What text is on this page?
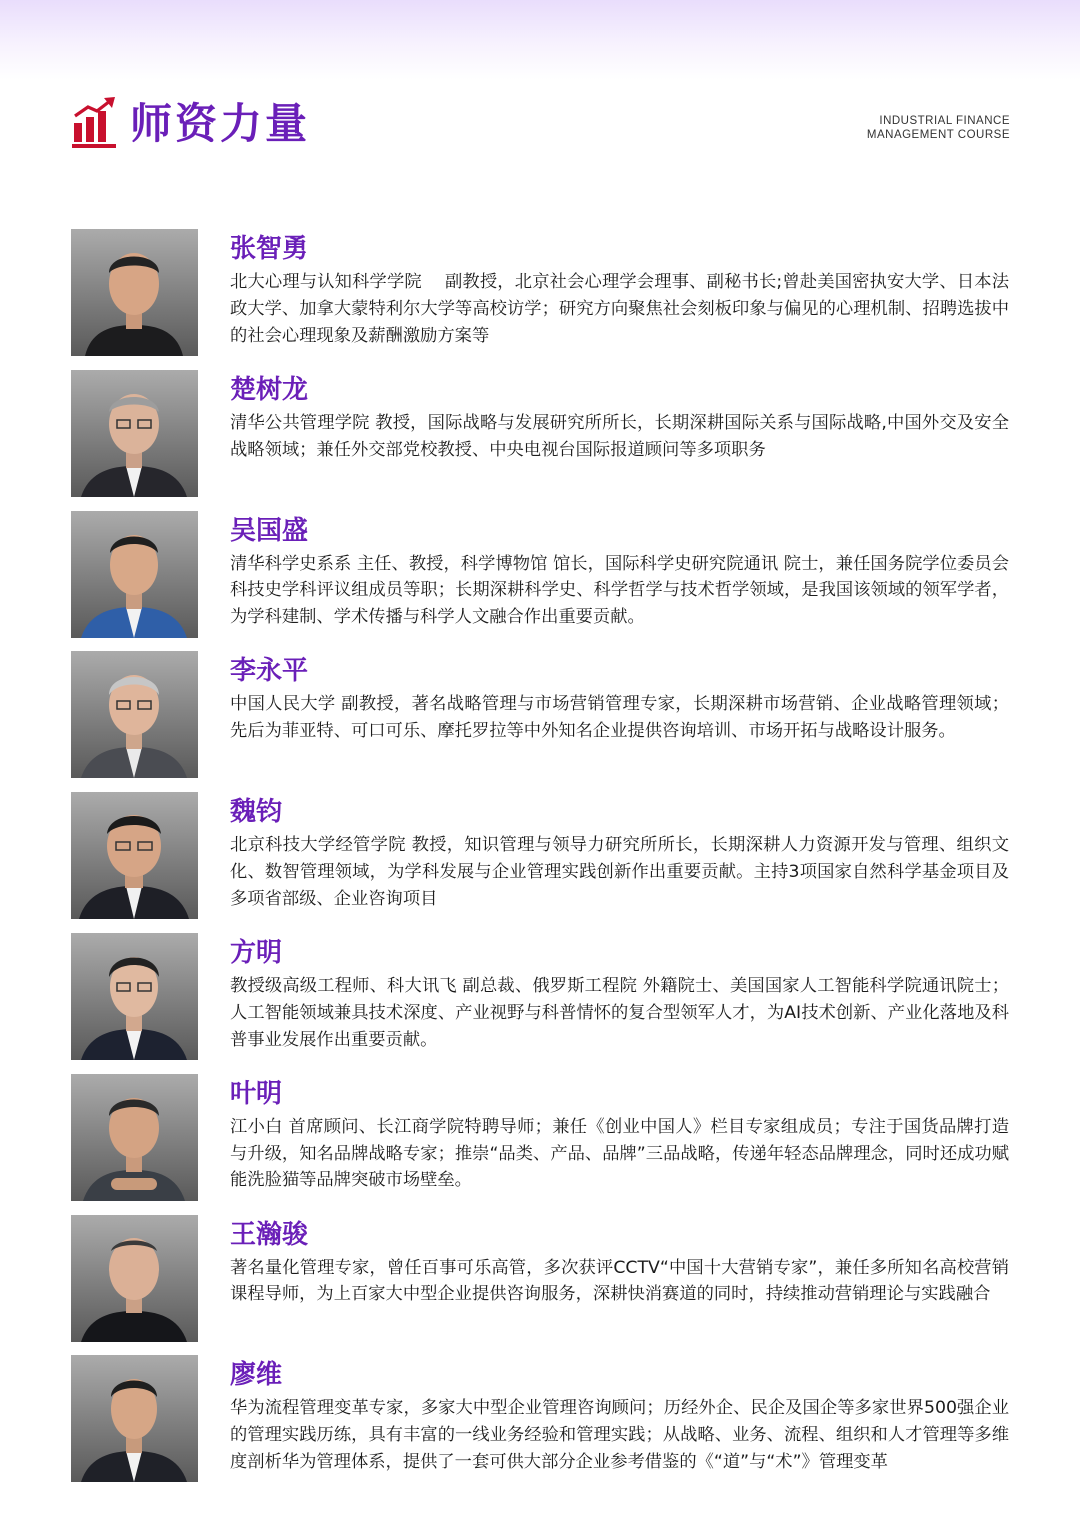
师资力量	INDUSTRIAL FINANCE
MANAGEMENT COURSE
张智勇

北大心理与认知科学学院　 副教授，北京社会心理学会理事、副秘书长;曾赴美国密执安大学、日本法政大学、加拿大蒙特利尔大学等高校访学；研究方向聚焦社会刻板印象与偏见的心理机制、招聘选拔中的社会心理现象及薪酬激励方案等

楚树龙

清华公共管理学院 教授，国际战略与发展研究所所长，长期深耕国际关系与国际战略,中国外交及安全战略领域；兼任外交部党校教授、中央电视台国际报道顾问等多项职务

吴国盛

清华科学史系系 主任、教授，科学博物馆 馆长，国际科学史研究院通讯 院士，兼任国务院学位委员会科技史学科评议组成员等职；长期深耕科学史、科学哲学与技术哲学领域，是我国该领域的领军学者，为学科建制、学术传播与科学人文融合作出重要贡献。

李永平

中国人民大学 副教授，著名战略管理与市场营销管理专家，长期深耕市场营销、企业战略管理领域；先后为菲亚特、可口可乐、摩托罗拉等中外知名企业提供咨询培训、市场开拓与战略设计服务。

魏钧

北京科技大学经管学院 教授，知识管理与领导力研究所所长，长期深耕人力资源开发与管理、组织文化、数智管理领域，为学科发展与企业管理实践创新作出重要贡献。主持3项国家自然科学基金项目及多项省部级、企业咨询项目

方明

教授级高级工程师、科大讯飞 副总裁、俄罗斯工程院 外籍院士、美国国家人工智能科学院通讯院士；人工智能领域兼具技术深度、产业视野与科普情怀的复合型领军人才，为AI技术创新、产业化落地及科普事业发展作出重要贡献。

叶明

江小白 首席顾问、长江商学院特聘导师；兼任《创业中国人》栏目专家组成员；专注于国货品牌打造与升级，知名品牌战略专家；推崇“品类、产品、品牌”三品战略，传递年轻态品牌理念，同时还成功赋能洗脸猫等品牌突破市场壁垒。

王瀚骏

著名量化管理专家，曾任百事可乐高管，多次获评CCTV“中国十大营销专家”，兼任多所知名高校营销课程导师，为上百家大中型企业提供咨询服务，深耕快消赛道的同时，持续推动营销理论与实践融合

廖维

华为流程管理变革专家，多家大中型企业管理咨询顾问；历经外企、民企及国企等多家世界500强企业的管理实践历练，具有丰富的一线业务经验和管理实践；从战略、业务、流程、组织和人才管理等多维度剖析华为管理体系，提供了一套可供大部分企业参考借鉴的《“道”与“术”》管理变革
